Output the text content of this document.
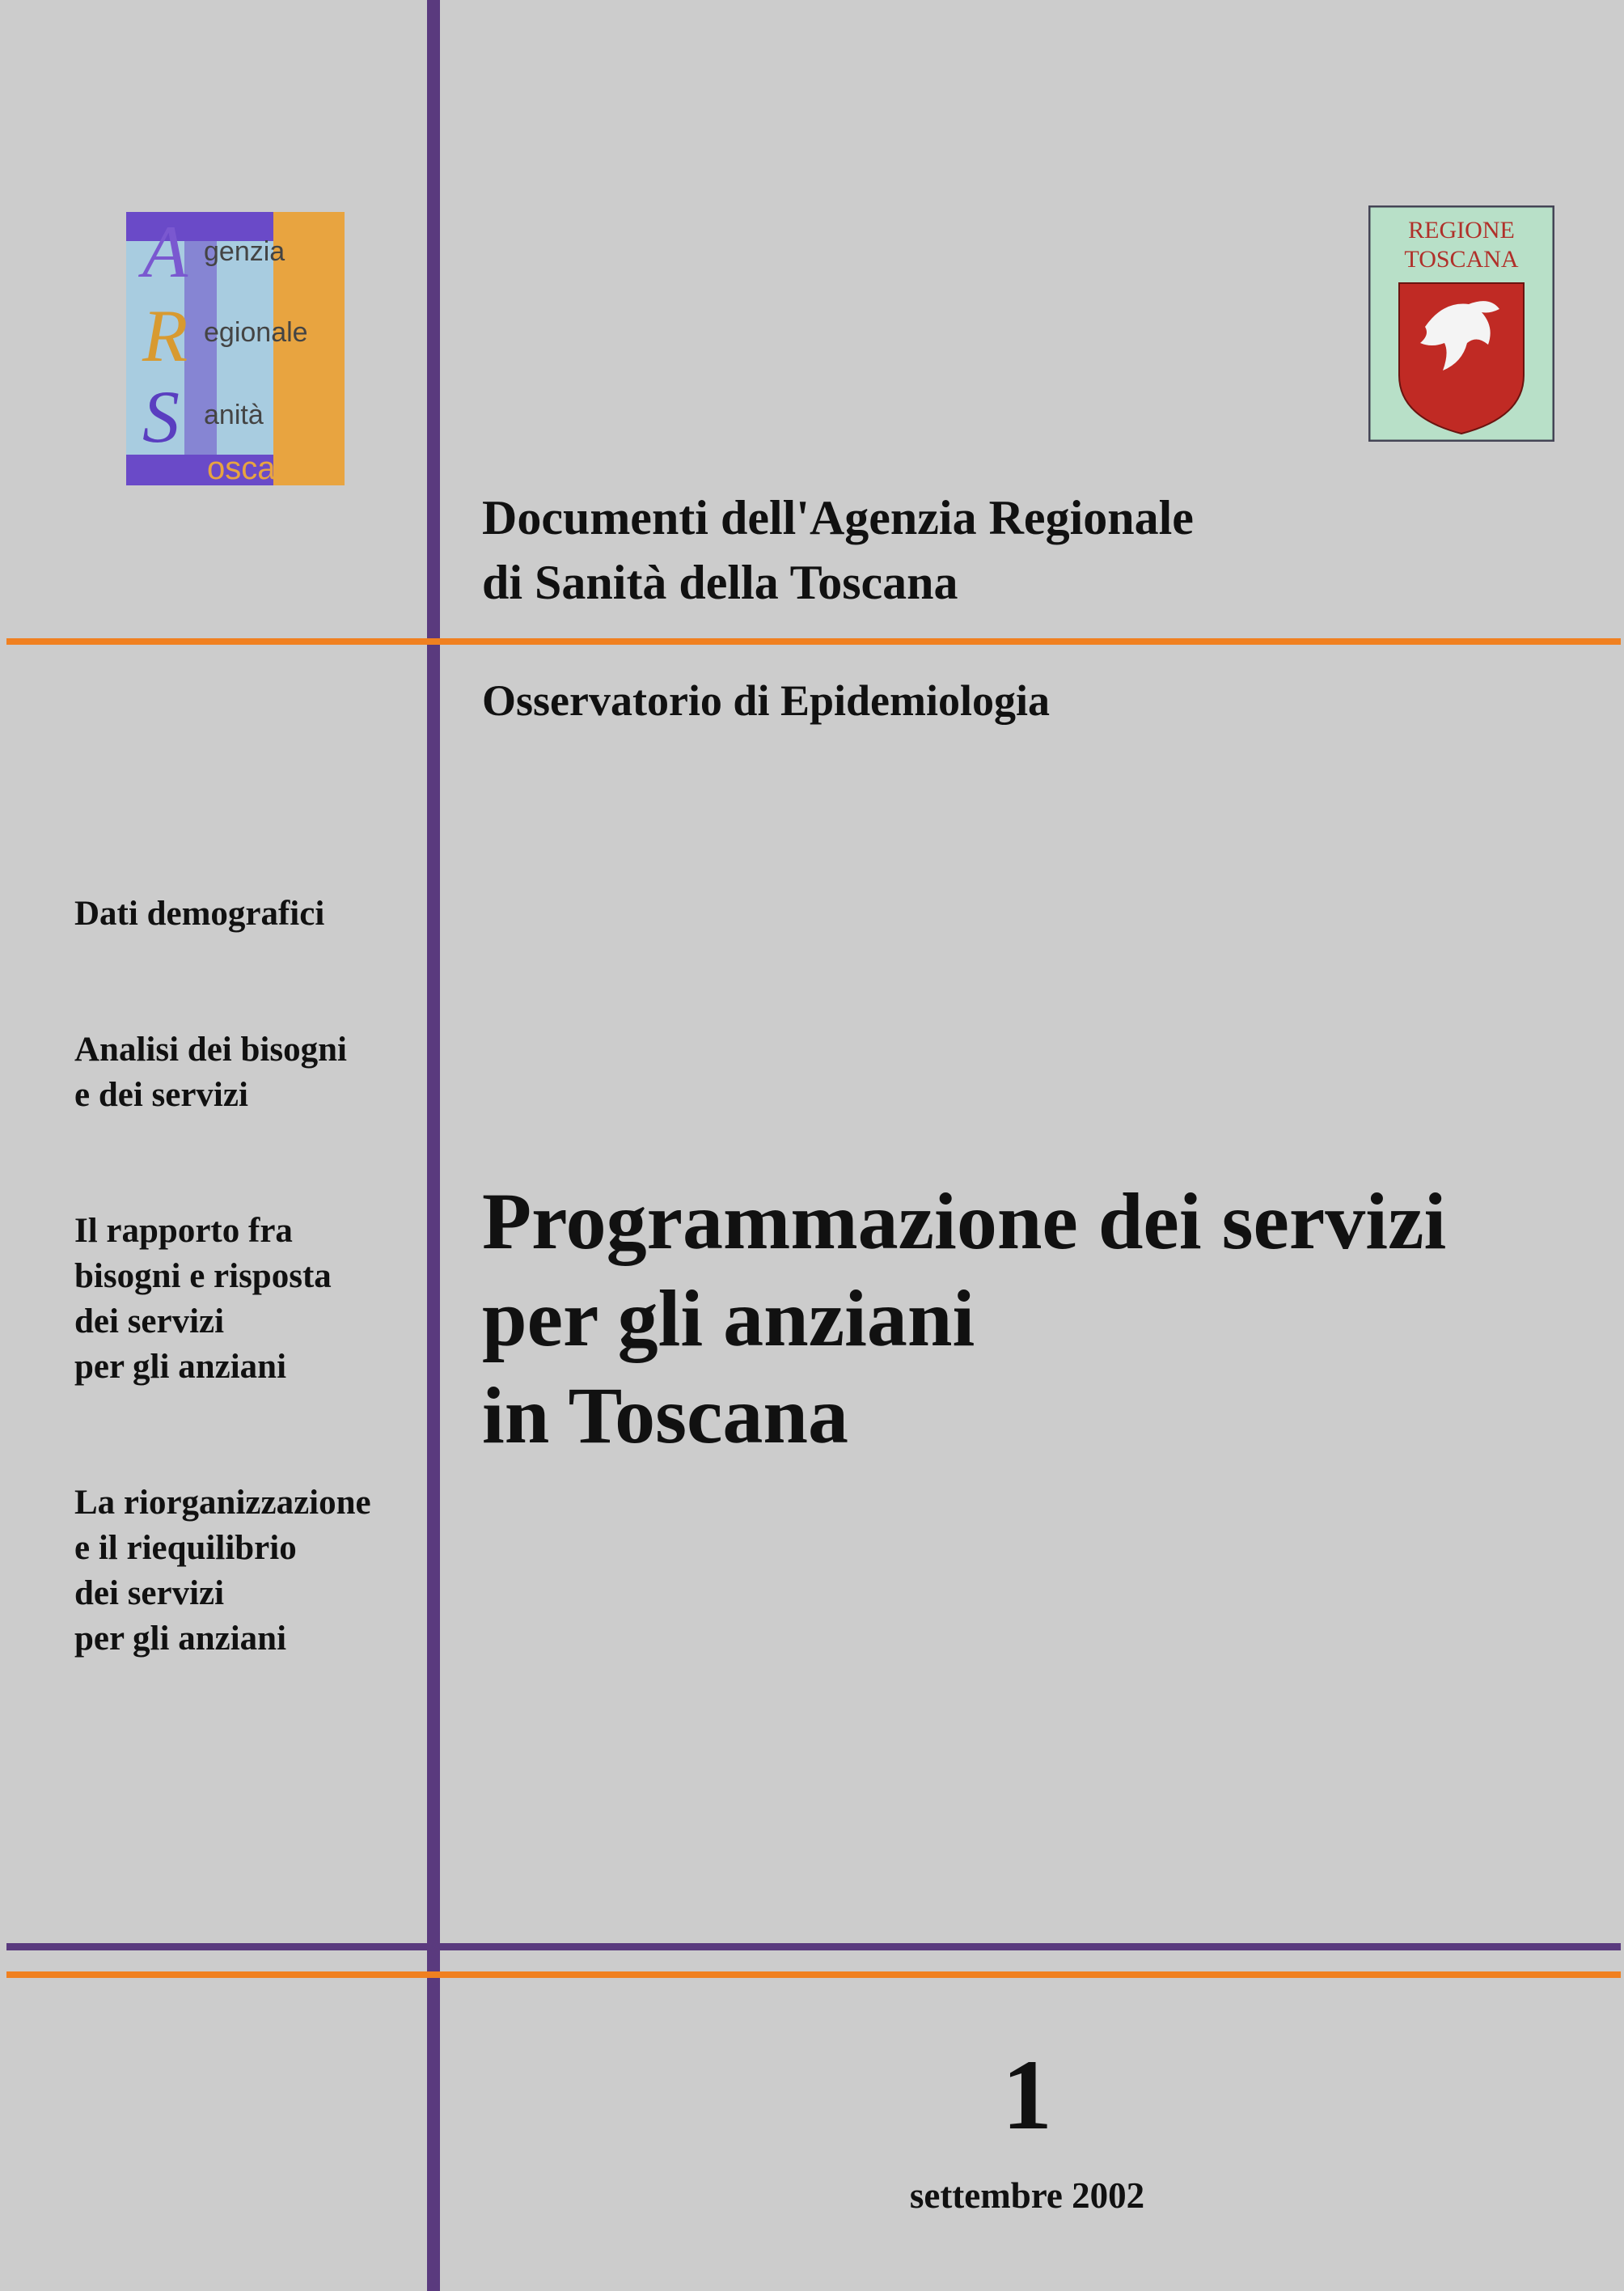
A genzia
R egionale
S anità
oscana
REGIONE
TOSCANA
Documenti dell'Agenzia Regionale
di Sanità della Toscana
Osservatorio di Epidemiologia
Dati demografici
Analisi dei bisogni
e dei servizi
Il rapporto fra
bisogni e risposta
dei servizi
per gli anziani
La riorganizzazione
e il riequilibrio
dei servizi
per gli anziani
Programmazione dei servizi
per gli anziani
in Toscana
1
settembre 2002
